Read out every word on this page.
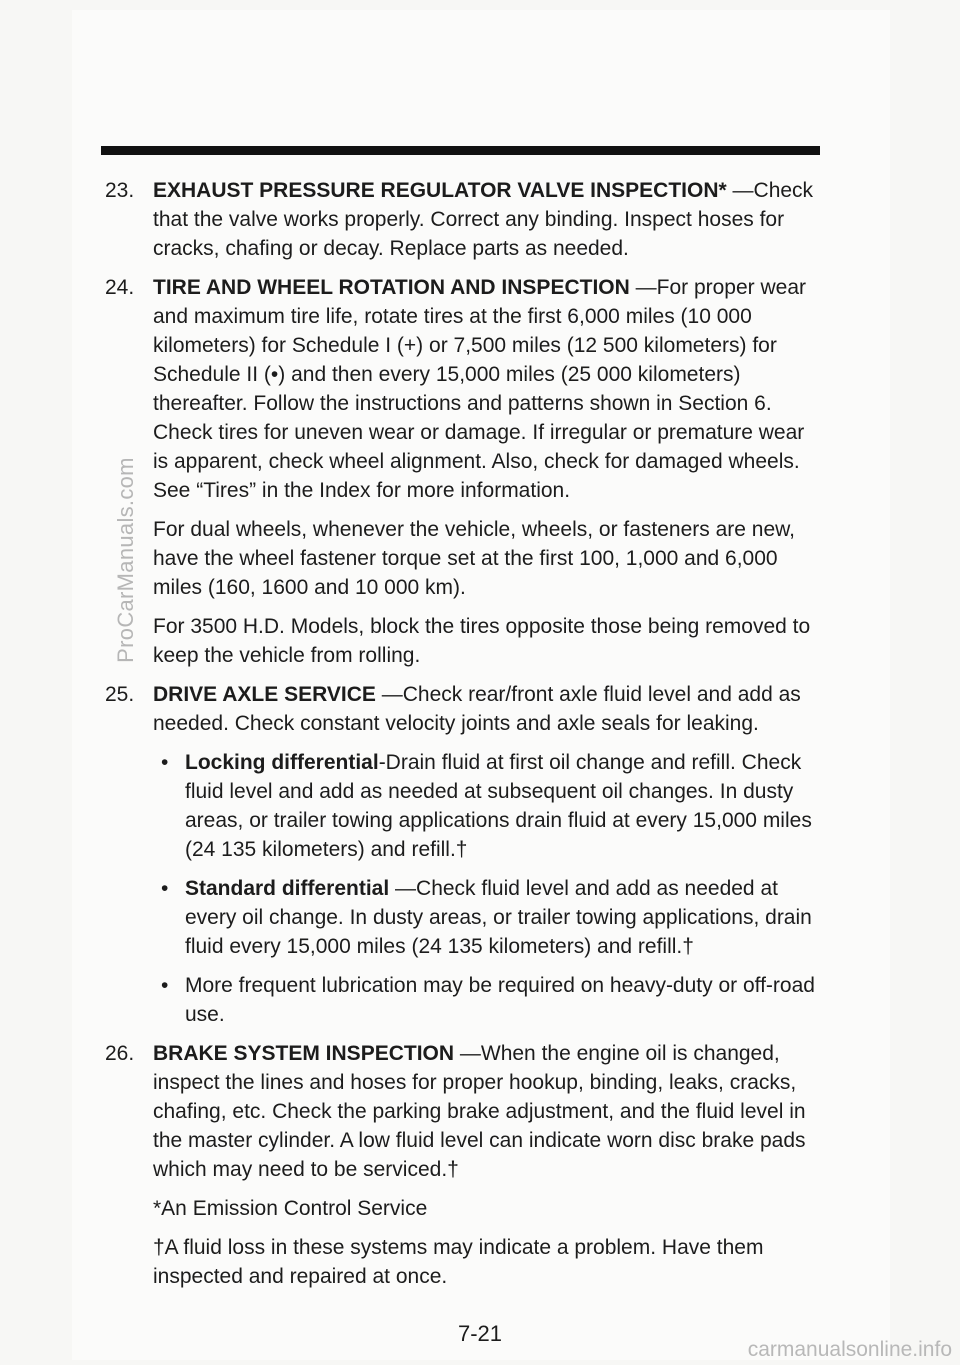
23. EXHAUST PRESSURE REGULATOR VALVE INSPECTION* —Check that the valve works properly. Correct any binding. Inspect hoses for cracks, chafing or decay. Replace parts as needed.
24. TIRE AND WHEEL ROTATION AND INSPECTION —For proper wear and maximum tire life, rotate tires at the first 6,000 miles (10 000 kilometers) for Schedule I (+) or 7,500 miles (12 500 kilometers) for Schedule II (•) and then every 15,000 miles (25 000 kilometers) thereafter. Follow the instructions and patterns shown in Section 6. Check tires for uneven wear or damage. If irregular or premature wear is apparent, check wheel alignment. Also, check for damaged wheels. See “Tires” in the Index for more information.
For dual wheels, whenever the vehicle, wheels, or fasteners are new, have the wheel fastener torque set at the first 100, 1,000 and 6,000 miles (160, 1600 and 10 000 km).
For 3500 H.D. Models, block the tires opposite those being removed to keep the vehicle from rolling.
25. DRIVE AXLE SERVICE —Check rear/front axle fluid level and add as needed. Check constant velocity joints and axle seals for leaking.
• Locking differential-Drain fluid at first oil change and refill. Check fluid level and add as needed at subsequent oil changes. In dusty areas, or trailer towing applications drain fluid at every 15,000 miles (24 135 kilometers) and refill.†
• Standard differential —Check fluid level and add as needed at every oil change. In dusty areas, or trailer towing applications, drain fluid every 15,000 miles (24 135 kilometers) and refill.†
• More frequent lubrication may be required on heavy-duty or off-road use.
26. BRAKE SYSTEM INSPECTION —When the engine oil is changed, inspect the lines and hoses for proper hookup, binding, leaks, cracks, chafing, etc. Check the parking brake adjustment, and the fluid level in the master cylinder. A low fluid level can indicate worn disc brake pads which may need to be serviced.†
*An Emission Control Service
†A fluid loss in these systems may indicate a problem. Have them inspected and repaired at once.
7-21
ProCarManuals.com
carmanualsonline.info
